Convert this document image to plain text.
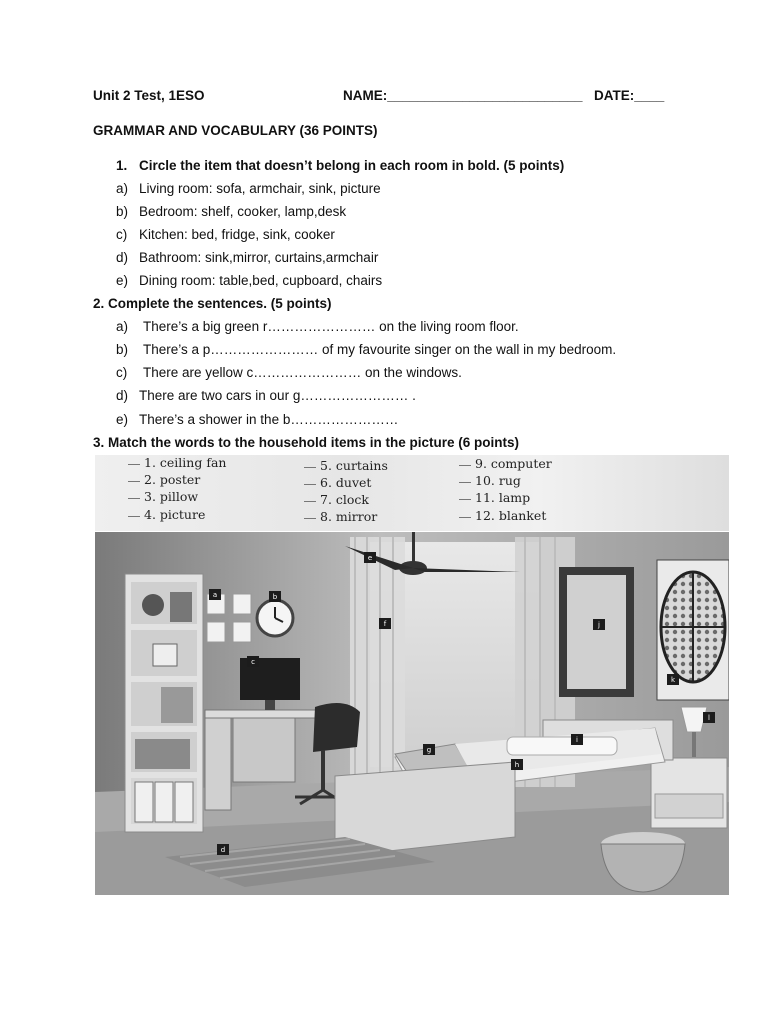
Unit 2 Test, 1ESO	NAME:__________________________ DATE:____
GRAMMAR AND VOCABULARY (36 POINTS)
1. Circle the item that doesn’t belong in each room in bold. (5 points)
a) Living room: sofa, armchair, sink, picture
b) Bedroom: shelf, cooker, lamp,desk
c) Kitchen: bed, fridge, sink, cooker
d) Bathroom: sink,mirror, curtains,armchair
e) Dining room: table,bed, cupboard, chairs
2. Complete the sentences. (5 points)
a) There’s a big green r…………………… on the living room floor.
b) There’s a p…………………… of my favourite singer on the wall in my bedroom.
c) There are yellow c…………………… on the windows.
d) There are two cars in our g…………………… .
e) There’s a shower in the b……………………
3. Match the words to the household items in the picture (6 points)
1. ceiling fan
2. poster
3. pillow
4. picture
5. curtains
6. duvet
7. clock
8. mirror
9. computer
10. rug
11. lamp
12. blanket
a	b
c
d
e
f
g
h
i
j
k
l
